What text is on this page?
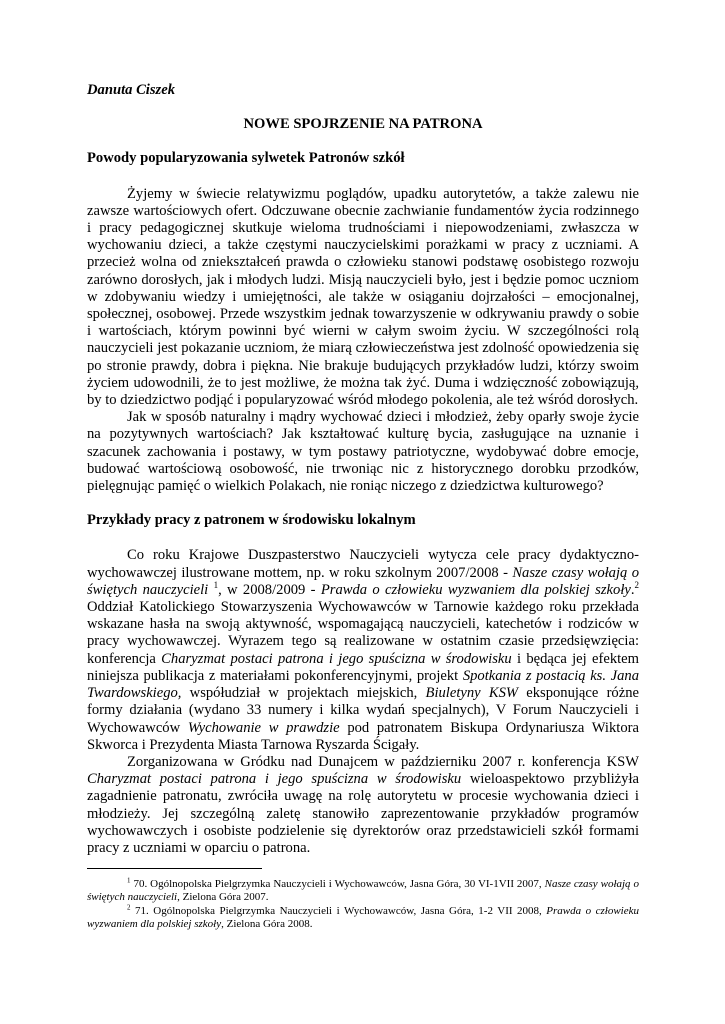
Danuta Ciszek
NOWE SPOJRZENIE NA PATRONA
Powody popularyzowania sylwetek Patronów szkół

Żyjemy w świecie relatywizmu poglądów, upadku autorytetów, a także zalewu nie zawsze wartościowych ofert. Odczuwane obecnie zachwianie fundamentów życia rodzinnego i pracy pedagogicznej skutkuje wieloma trudnościami i niepowodzeniami, zwłaszcza w wychowaniu dzieci, a także częstymi nauczycielskimi porażkami w pracy z uczniami. A przecież wolna od zniekształceń prawda o człowieku stanowi podstawę osobistego rozwoju zarówno dorosłych, jak i młodych ludzi. Misją nauczycieli było, jest i będzie pomoc uczniom w zdobywaniu wiedzy i umiejętności, ale także w osiąganiu dojrzałości – emocjonalnej, społecznej, osobowej. Przede wszystkim jednak towarzyszenie w odkrywaniu prawdy o sobie i wartościach, którym powinni być wierni w całym swoim życiu. W szczególności rolą nauczycieli jest pokazanie uczniom, że miarą człowieczeństwa jest zdolność opowiedzenia się po stronie prawdy, dobra i piękna. Nie brakuje budujących przykładów ludzi, którzy swoim życiem udowodnili, że to jest możliwe, że można tak żyć. Duma i wdzięczność zobowiązują, by to dziedzictwo podjąć i popularyzować wśród młodego pokolenia, ale też wśród dorosłych.

Jak w sposób naturalny i mądry wychować dzieci i młodzież, żeby oparły swoje życie na pozytywnych wartościach? Jak kształtować kulturę bycia, zasługujące na uznanie i szacunek zachowania i postawy, w tym postawy patriotyczne, wydobywać dobre emocje, budować wartościową osobowość, nie trwoniąc nic z historycznego dorobku przodków, pielęgnując pamięć o wielkich Polakach, nie roniąc niczego z dziedzictwa kulturowego?

Przykłady pracy z patronem w środowisku lokalnym

Co roku Krajowe Duszpasterstwo Nauczycieli wytycza cele pracy dydaktyczno-wychowawczej ilustrowane mottem, np. w roku szkolnym 2007/2008 - Nasze czasy wołają o świętych nauczycieli $^1$, w 2008/2009 - Prawda o człowieku wyzwaniem dla polskiej szkoły.$^2$ Oddział Katolickiego Stowarzyszenia Wychowawców w Tarnowie każdego roku przekłada wskazane hasła na swoją aktywność, wspomagającą nauczycieli, katechetów i rodziców w pracy wychowawczej. Wyrazem tego są realizowane w ostatnim czasie przedsięwzięcia: konferencja Charyzmat postaci patrona i jego spuścizna w środowisku i będąca jej efektem niniejsza publikacja z materiałami pokonferencyjnymi, projekt Spotkania z postacią ks. Jana Twardowskiego, współudział w projektach miejskich, Biuletyny KSW eksponujące różne formy działania (wydano 33 numery i kilka wydań specjalnych), V Forum Nauczycieli i Wychowawców Wychowanie w prawdzie pod patronatem Biskupa Ordynariusza Wiktora Skworca i Prezydenta Miasta Tarnowa Ryszarda Ścigały.

Zorganizowana w Gródku nad Dunajcem w październiku 2007 r. konferencja KSW Charyzmat postaci patrona i jego spuścizna w środowisku wieloaspektowo przybliżyła zagadnienie patronatu, zwróciła uwagę na rolę autorytetu w procesie wychowania dzieci i młodzieży. Jej szczególną zaletę stanowiło zaprezentowanie przykładów programów wychowawczych i osobiste podzielenie się dyrektorów oraz przedstawicieli szkół formami pracy z uczniami w oparciu o patrona.

$^1$ 70. Ogólnopolska Pielgrzymka Nauczycieli i Wychowawców, Jasna Góra, 30 VI-1VII 2007, Nasze czasy wołają o świętych nauczycieli, Zielona Góra 2007.

$^2$ 71. Ogólnopolska Pielgrzymka Nauczycieli i Wychowawców, Jasna Góra, 1-2 VII 2008, Prawda o człowieku wyzwaniem dla polskiej szkoły, Zielona Góra 2008.
